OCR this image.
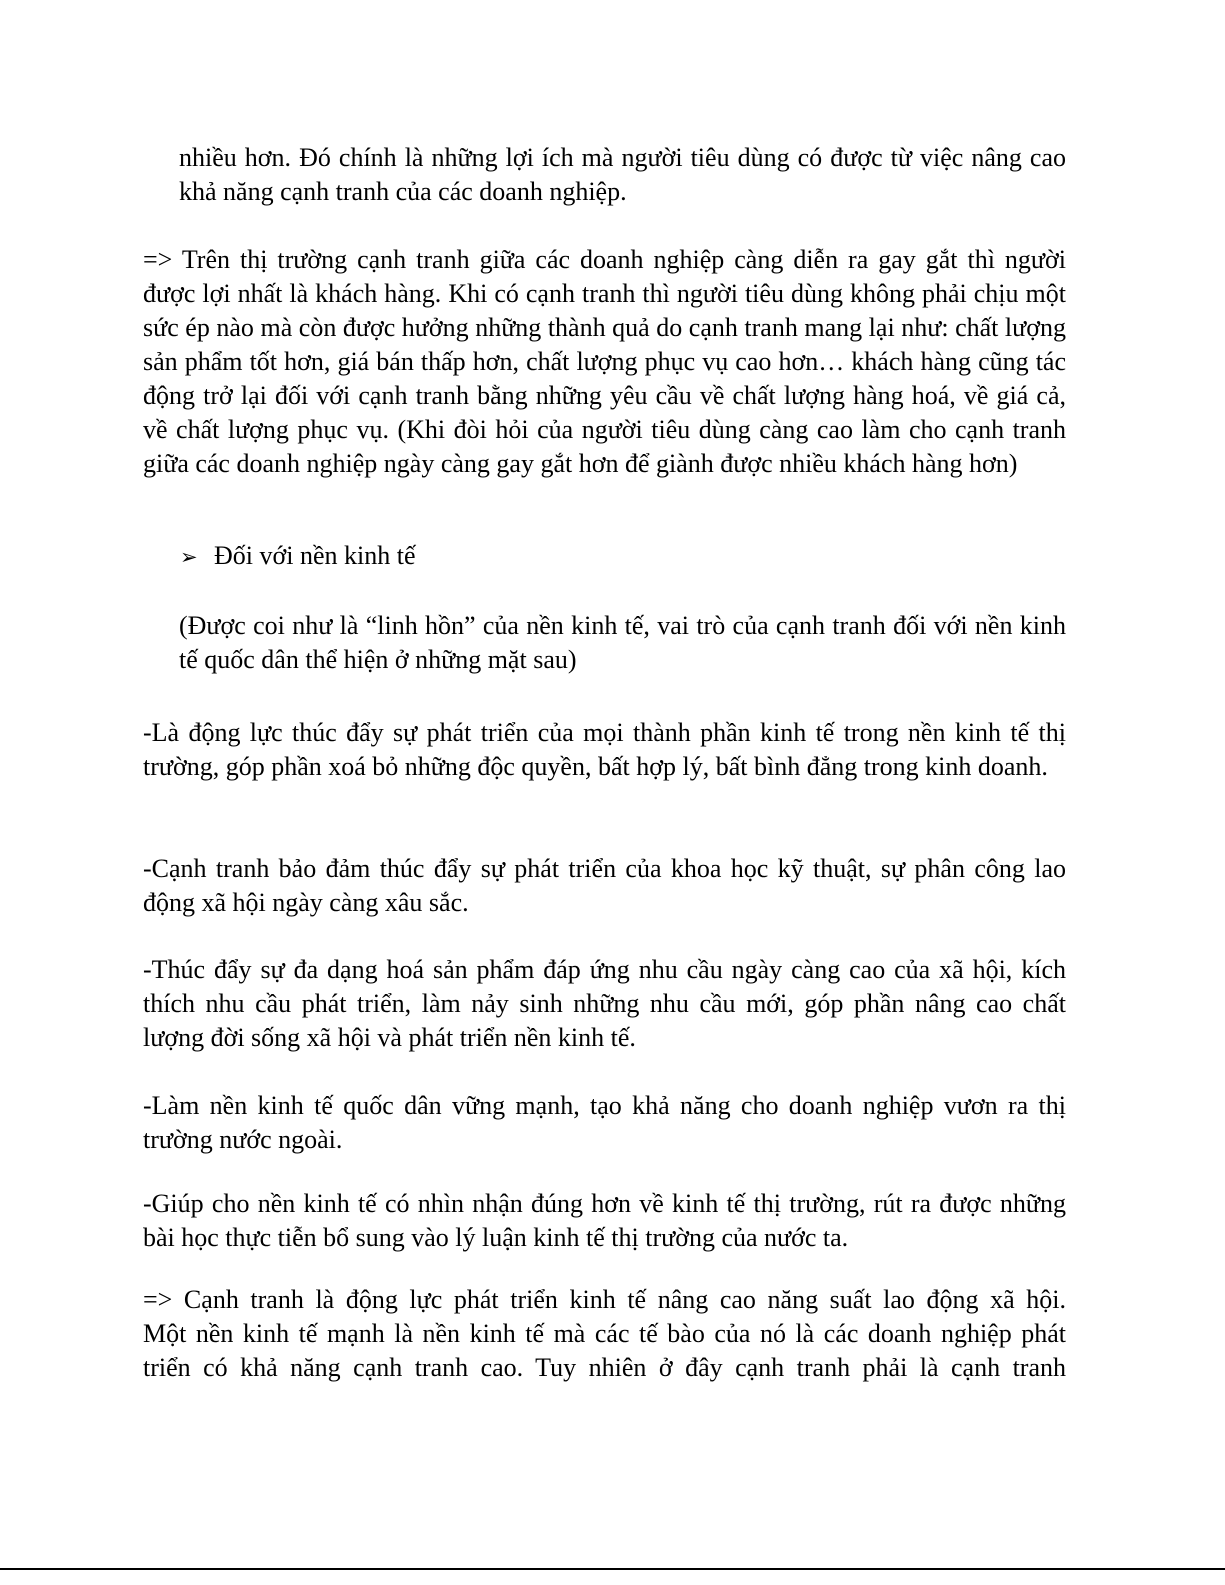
nhiều hơn. Đó chính là những lợi ích mà người tiêu dùng có được từ việc nâng cao khả năng cạnh tranh của các doanh nghiệp.

=> Trên thị trường cạnh tranh giữa các doanh nghiệp càng diễn ra gay gắt thì người được lợi nhất là khách hàng. Khi có cạnh tranh thì người tiêu dùng không phải chịu một sức ép nào mà còn được hưởng những thành quả do cạnh tranh mang lại như: chất lượng sản phẩm tốt hơn, giá bán thấp hơn, chất lượng phục vụ cao hơn… khách hàng cũng tác động trở lại đối với cạnh tranh bằng những yêu cầu về chất lượng hàng hoá, về giá cả, về chất lượng phục vụ. (Khi đòi hỏi của người tiêu dùng càng cao làm cho cạnh tranh giữa các doanh nghiệp ngày càng gay gắt hơn để giành được nhiều khách hàng hơn)

➢ Đối với nền kinh tế

(Được coi như là “linh hồn” của nền kinh tế, vai trò của cạnh tranh đối với nền kinh tế quốc dân thể hiện ở những mặt sau)

-Là động lực thúc đẩy sự phát triển của mọi thành phần kinh tế trong nền kinh tế thị trường, góp phần xoá bỏ những độc quyền, bất hợp lý, bất bình đẳng trong kinh doanh.

-Cạnh tranh bảo đảm thúc đẩy sự phát triển của khoa học kỹ thuật, sự phân công lao động xã hội ngày càng xâu sắc.

-Thúc đẩy sự đa dạng hoá sản phẩm đáp ứng nhu cầu ngày càng cao của xã hội, kích thích nhu cầu phát triển, làm nảy sinh những nhu cầu mới, góp phần nâng cao chất lượng đời sống xã hội và phát triển nền kinh tế.

-Làm nền kinh tế quốc dân vững mạnh, tạo khả năng cho doanh nghiệp vươn ra thị trường nước ngoài.

-Giúp cho nền kinh tế có nhìn nhận đúng hơn về kinh tế thị trường, rút ra được những bài học thực tiễn bổ sung vào lý luận kinh tế thị trường của nước ta.

=> Cạnh tranh là động lực phát triển kinh tế nâng cao năng suất lao động xã hội.

Một nền kinh tế mạnh là nền kinh tế mà các tế bào của nó là các doanh nghiệp phát

triển có khả năng cạnh tranh cao. Tuy nhiên ở đây cạnh tranh phải là cạnh tranh
